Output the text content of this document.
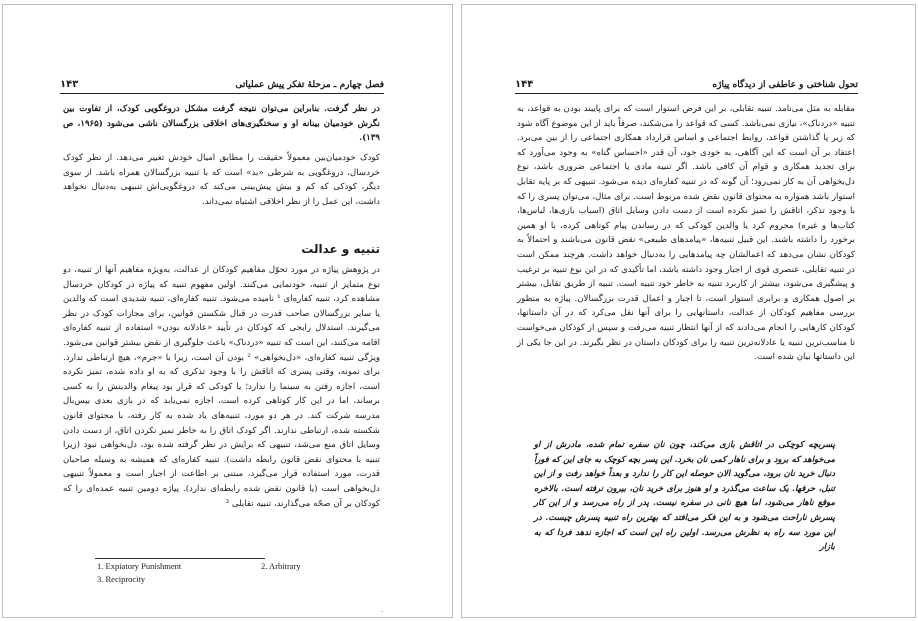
فصل چهارم ـ مرحلهٔ تفکر پیش عملیاتی
۱۴۳

در نظر گرفت. بنابراین می‌توان نتیجه گرفت مشکل دروغگویی کودک، از تفاوت بین نگرش خودمیان بینانه او و سختگیری‌های اخلاقی بزرگسالان ناشی می‌شود (۱۹۶۵، ص ۱۳۹).

کودک خودمیان‌بین معمولاً حقیقت را مطابق امیال خودش تغییر می‌دهد. از نظر کودک خردسال، دروغگویی به شرطی «بد» است که با تنبیه بزرگسالان همراه باشد. از سوی دیگر، کودکی که کم و بیش پیش‌بینی می‌کند که دروغگویی‌اش تنبیهی به‌دنبال نخواهد داشت، این عمل را از نظر اخلاقی اشتباه نمی‌داند.

تنبیه و عدالت

در پژوهش پیاژه در مورد تحوّل مفاهیم کودکان از عدالت، به‌ویژه مفاهیم آنها از تنبیه، دو نوع متمایز از تنبیه، خودنمایی می‌کنند. اولین مفهوم تنبیه که پیاژه در کودکان خردسال مشاهده کرد، تنبیه کفاره‌ای ¹ نامیده می‌شود. تنبیه کفاره‌ای، تنبیه شدیدی است که والدین یا سایر بزرگسالان صاحب قدرت در قبال شکستن قوانین، برای مجازات کودک در نظر می‌گیرند. استدلال رایجی که کودکان در تأیید «عادلانه بودن» استفاده از تنبیه کفاره‌ای اقامه می‌کنند، این است که تنبیه «دردناک» باعث جلوگیری از نقض بیشتر قوانین می‌شود. ویژگی تنبیه کفاره‌ای، «دل‌بخواهی» ² بودن آن است، زیرا با «جرم»، هیچ ارتباطی ندارد. برای نمونه، وقتی پسری که اتاقش را با وجود تذکری که به او داده شده، تمیز نکرده است، اجازه رفتن به سینما را ندارد؛ یا کودکی که قرار بود پیغام والدینش را به کسی برساند، اما در این کار کوتاهی کرده است، اجازه نمی‌یابد که در بازی بعدی بیس‌بال مدرسه شرکت کند. در هر دو مورد، تنبیه‌های یاد شده به کار رفته، با محتوای قانون شکسته شده، ارتباطی ندارند. اگر کودک اتاق را به خاطر تمیز نکردن اتاق، از دست دادن وسایل اتاق منع می‌شد، تنبیهی که برایش در نظر گرفته شده بود، دل‌بخواهی نبود (زیرا تنبیه با محتوای نقض قانون رابطه داشت). تنبیه کفاره‌ای که همیشه به وسیله صاحبان قدرت، مورد استفاده قرار می‌گیرد، مبتنی بر اطاعت از اجبار است و معمولاً تنبیهی دل‌بخواهی است (یا قانون نقض شده رابطه‌ای ندارد). پیاژه دومین تنبیه عمده‌ای را که کودکان بر آن صحّه می‌گذارند، تنبیه تقابلی ³

1. Expiatory Punishment	2. Arbitrary
3. Reciprocity
·
۱۴۴	تحول شناختی و عاطفی از دیدگاه پیاژه

مقابله به مثل می‌نامد. تنبیه تقابلی، بر این فرض استوار است که برای پایبند بودن به قواعد، به تنبیه «دردناک»، نیازی نمی‌باشد. کسی که قواعد را می‌شکند، صرفاً باید از این موضوع آگاه شود که زیر پا گذاشتن قواعد، روابط اجتماعی و اساس قرارداد همکاری اجتماعی را از بین می‌برد. اعتقاد بر آن است که این آگاهی، به خودی خود، آن قدر «احساس گناه» به وجود می‌آورد که برای تجدید همکاری و قوام آن کافی باشد. اگر تنبیه مادی یا اجتماعی ضروری باشد، نوع دل‌بخواهی آن به کار نمی‌رود؛ آن گونه که در تنبیه کفاره‌ای دیده می‌شود. تنبیهی که بر پایه تقابل استوار باشد همواره به محتوای قانون نقض شده مربوط است. برای مثال، می‌توان پسری را که با وجود تذکر، اتاقش را تمیز نکرده است از دست دادن وسایل اتاق (اسباب بازی‌ها، لباس‌ها، کتاب‌ها و غیره) محروم کرد یا والدین کودکی که در رساندن پیام کوتاهی کرده، با او همین برخورد را داشته باشند. این قبیل تنبیه‌ها، «پیامدهای طبیعی» نقض قانون می‌باشند و احتمالاً به کودکان نشان می‌دهد که اعمالشان چه پیامدهایی را به‌دنبال خواهد داشت. هرچند ممکن است در تنبیه تقابلی، عنصری قوی از اجبار وجود داشته باشد، اما تأکیدی که در این نوع تنبیه بر ترغیب و پیشگیری می‌شود، بیشتر از کاربرد تنبیه به خاطر خود تنبیه است. تنبیه از طریق تقابل، بیشتر بر اصول همکاری و برابری استوار است، تا اجبار و اعمال قدرت بزرگسالان. پیاژه به منظور بررسی مفاهیم کودکان از عدالت، داستانهایی را برای آنها نقل می‌کرد که در آن داستانها، کودکان کارهایی را انجام می‌دادند که از آنها انتظار تنبیه می‌رفت و سپس از کودکان می‌خواست تا مناسب‌ترین تنبیه یا عادلانه‌ترین تنبیه را برای کودکان داستان در نظر بگیرند. در این جا یکی از این داستانها بیان شده است.

پسربچه کوچکی در اتاقش بازی می‌کند، چون نان سفره تمام شده، مادرش از او می‌خواهد که برود و برای ناهار کمی نان بخرد. این پسر بچه کوچک به جای این که فوراً دنبال خرید نان برود، می‌گوید الان حوصله این کار را ندارد و بعداً خواهد رفت و از این تنبل، حرفها. یک ساعت می‌گذرد و او هنوز برای خرید نان، بیرون نرفته است. بالاخره موقع ناهار می‌شود، اما هیچ نانی در سفره نیست. پدر از راه می‌رسد و از این کار پسرش ناراحت می‌شود و به این فکر می‌افتد که بهترین راه تنبیه پسرش چیست. در این مورد سه راه به نظرش می‌رسد. اولین راه این است که اجازه ندهد فردا که به بازار
